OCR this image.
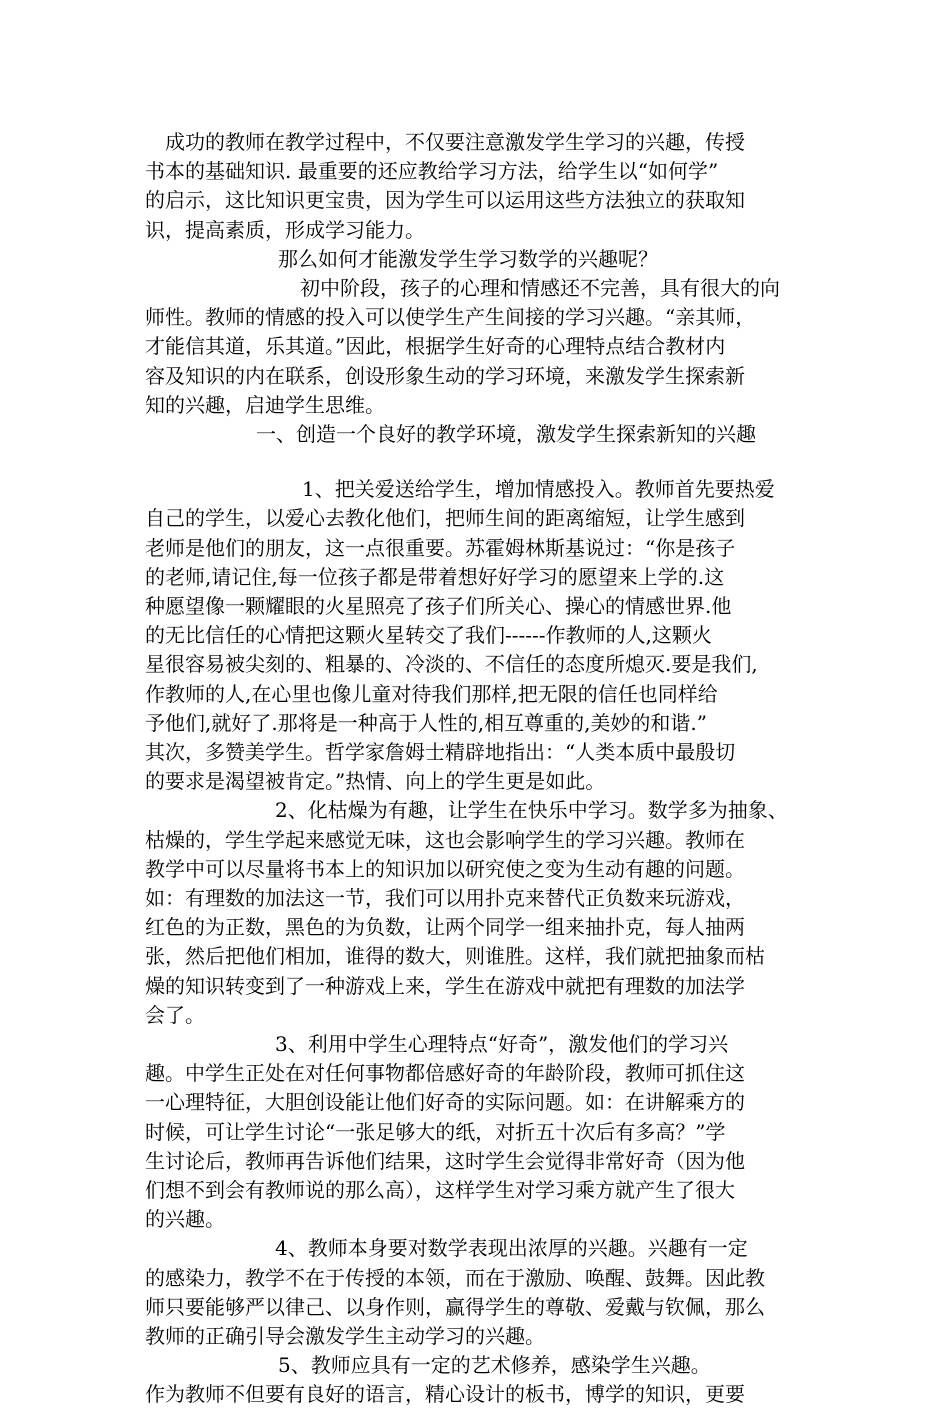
成功的教师在教学过程中，不仅要注意激发学生学习的兴趣，传授
书本的基础知识. 最重要的还应教给学习方法，给学生以“如何学”
的启示，这比知识更宝贵，因为学生可以运用这些方法独立的获取知
识，提高素质，形成学习能力。
那么如何才能激发学生学习数学的兴趣呢？
初中阶段，孩子的心理和情感还不完善，具有很大的向
师性。教师的情感的投入可以使学生产生间接的学习兴趣。“亲其师，
才能信其道，乐其道。”因此，根据学生好奇的心理特点结合教材内
容及知识的内在联系，创设形象生动的学习环境，来激发学生探索新
知的兴趣，启迪学生思维。
一、创造一个良好的教学环境，激发学生探索新知的兴趣
1、把关爱送给学生，增加情感投入。教师首先要热爱
自己的学生，以爱心去教化他们，把师生间的距离缩短，让学生感到
老师是他们的朋友，这一点很重要。苏霍姆林斯基说过：“你是孩子
的老师,请记住,每一位孩子都是带着想好好学习的愿望来上学的.这
种愿望像一颗耀眼的火星照亮了孩子们所关心、操心的情感世界.他
的无比信任的心情把这颗火星转交了我们------作教师的人,这颗火
星很容易被尖刻的、粗暴的、冷淡的、不信任的态度所熄灭.要是我们,
作教师的人,在心里也像儿童对待我们那样,把无限的信任也同样给
予他们,就好了.那将是一种高于人性的,相互尊重的,美妙的和谐.”
其次，多赞美学生。哲学家詹姆士精辟地指出：“人类本质中最殷切
的要求是渴望被肯定。”热情、向上的学生更是如此。
2、化枯燥为有趣，让学生在快乐中学习。数学多为抽象、
枯燥的，学生学起来感觉无味，这也会影响学生的学习兴趣。教师在
教学中可以尽量将书本上的知识加以研究使之变为生动有趣的问题。
如：有理数的加法这一节，我们可以用扑克来替代正负数来玩游戏，
红色的为正数，黑色的为负数，让两个同学一组来抽扑克，每人抽两
张，然后把他们相加，谁得的数大，则谁胜。这样，我们就把抽象而枯
燥的知识转变到了一种游戏上来，学生在游戏中就把有理数的加法学
会了。
3、利用中学生心理特点“好奇”，激发他们的学习兴
趣。中学生正处在对任何事物都倍感好奇的年龄阶段，教师可抓住这
一心理特征，大胆创设能让他们好奇的实际问题。如：在讲解乘方的
时候，可让学生讨论“一张足够大的纸，对折五十次后有多高？”学
生讨论后，教师再告诉他们结果，这时学生会觉得非常好奇（因为他
们想不到会有教师说的那么高），这样学生对学习乘方就产生了很大
的兴趣。
4、教师本身要对数学表现出浓厚的兴趣。兴趣有一定
的感染力，教学不在于传授的本领，而在于激励、唤醒、鼓舞。因此教
师只要能够严以律己、以身作则，赢得学生的尊敬、爱戴与钦佩，那么
教师的正确引导会激发学生主动学习的兴趣。
5、教师应具有一定的艺术修养，感染学生兴趣。
作为教师不但要有良好的语言，精心设计的板书，博学的知识，更要
